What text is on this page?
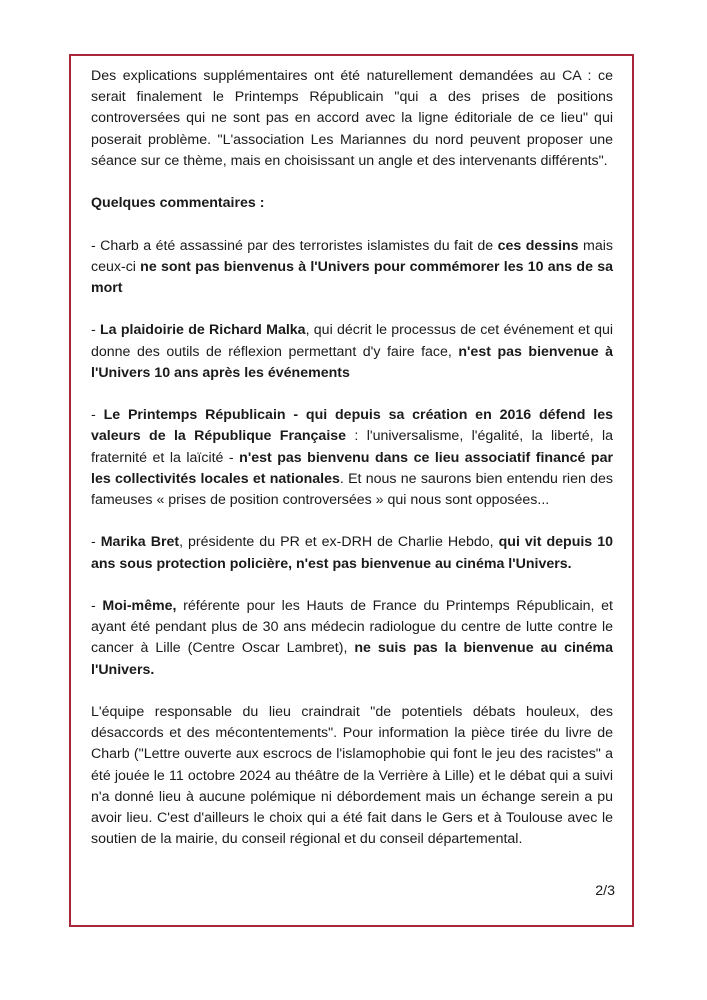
Des explications supplémentaires ont été naturellement demandées au CA : ce serait finalement le Printemps Républicain "qui a des prises de positions controversées qui ne sont pas en accord avec la ligne éditoriale de ce lieu" qui poserait problème. "L'association Les Mariannes du nord peuvent proposer une séance sur ce thème, mais en choisissant un angle et des intervenants différents".

Quelques commentaires :

- Charb a été assassiné par des terroristes islamistes du fait de ces dessins mais ceux-ci ne sont pas bienvenus à l'Univers pour commémorer les 10 ans de sa mort

- La plaidoirie de Richard Malka, qui décrit le processus de cet événement et qui donne des outils de réflexion permettant d'y faire face, n'est pas bienvenue à l'Univers 10 ans après les événements

- Le Printemps Républicain - qui depuis sa création en 2016 défend les valeurs de la République Française : l'universalisme, l'égalité, la liberté, la fraternité et la laïcité - n'est pas bienvenu dans ce lieu associatif financé par les collectivités locales et nationales. Et nous ne saurons bien entendu rien des fameuses « prises de position controversées » qui nous sont opposées...

- Marika Bret, présidente du PR et ex-DRH de Charlie Hebdo, qui vit depuis 10 ans sous protection policière, n'est pas bienvenue au cinéma l'Univers.

- Moi-même, référente pour les Hauts de France du Printemps Républicain, et ayant été pendant plus de 30 ans médecin radiologue du centre de lutte contre le cancer à Lille (Centre Oscar Lambret), ne suis pas la bienvenue au cinéma l'Univers.

L'équipe responsable du lieu craindrait "de potentiels débats houleux, des désaccords et des mécontentements". Pour information la pièce tirée du livre de Charb ("Lettre ouverte aux escrocs de l'islamophobie qui font le jeu des racistes" a été jouée le 11 octobre 2024 au théâtre de la Verrière à Lille) et le débat qui a suivi n'a donné lieu à aucune polémique ni débordement mais un échange serein a pu avoir lieu. C'est d'ailleurs le choix qui a été fait dans le Gers et à Toulouse avec le soutien de la mairie, du conseil régional et du conseil départemental.

2/3
